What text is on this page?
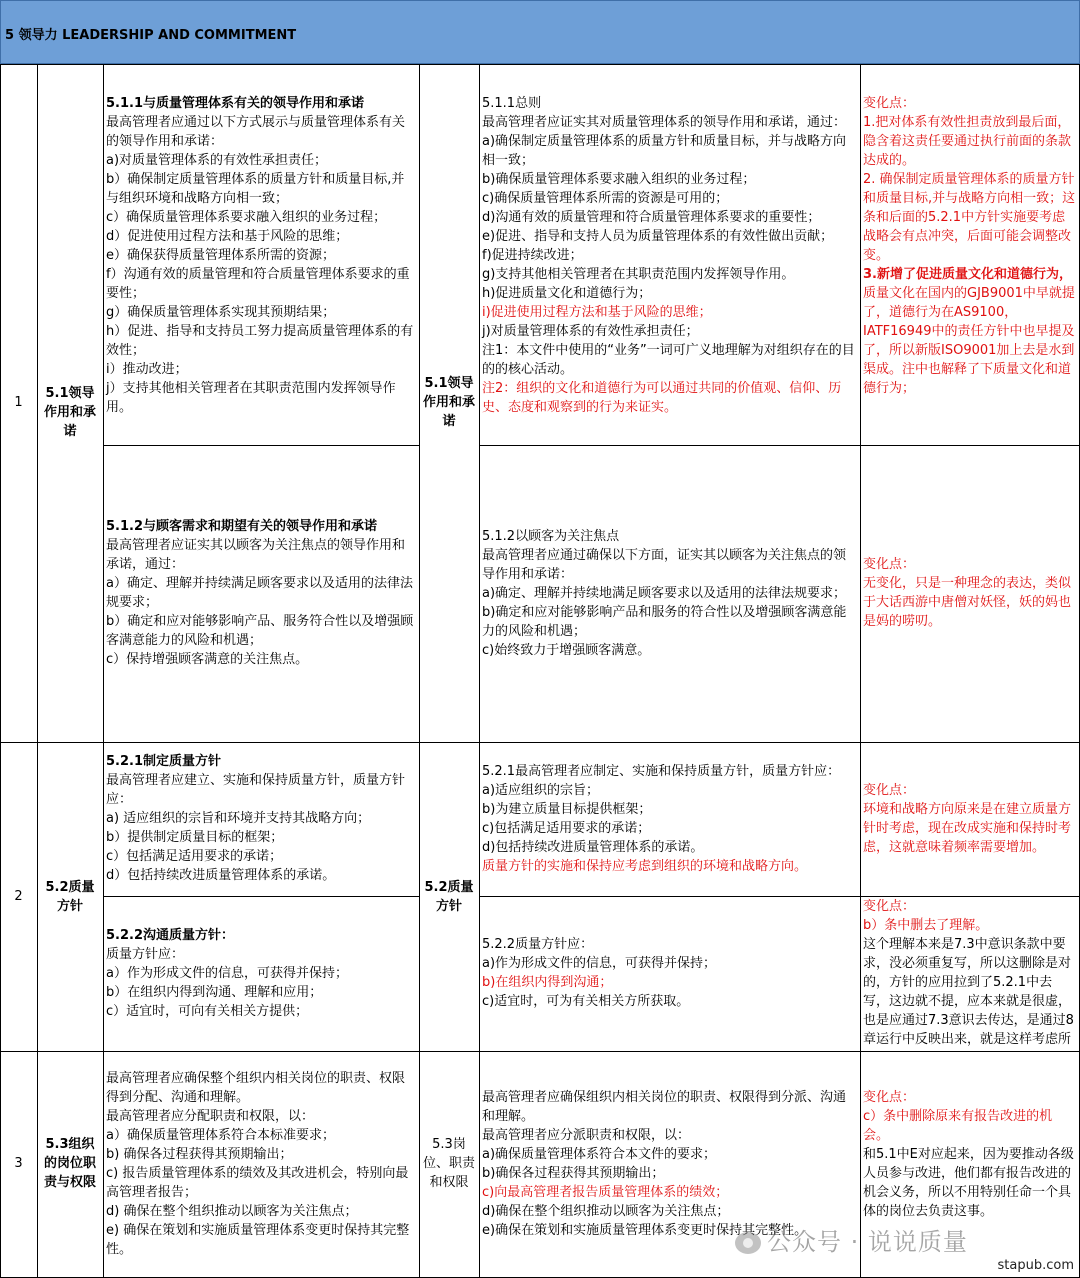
5 领导力 LEADERSHIP AND COMMITMENT
1
5.1领导作用和承诺
5.1领导作用和承诺
5.1.1与质量管理体系有关的领导作用和承诺
最高管理者应通过以下方式展示与质量管理体系有关的领导作用和承诺：
a)对质量管理体系的有效性承担责任；
b）确保制定质量管理体系的质量方针和质量目标,并与组织环境和战略方向相一致；
c）确保质量管理体系要求融入组织的业务过程；
d）促进使用过程方法和基于风险的思维；
e）确保获得质量管理体系所需的资源；
f）沟通有效的质量管理和符合质量管理体系要求的重要性；
g）确保质量管理体系实现其预期结果；
h）促进、指导和支持员工努力提高质量管理体系的有效性；
i）推动改进；
j）支持其他相关管理者在其职责范围内发挥领导作用。
5.1.2与顾客需求和期望有关的领导作用和承诺
最高管理者应证实其以顾客为关注焦点的领导作用和承诺，通过：
a）确定、理解并持续满足顾客要求以及适用的法律法规要求；
b）确定和应对能够影响产品、服务符合性以及增强顾客满意能力的风险和机遇；
c）保持增强顾客满意的关注焦点。
5.1.1总则
最高管理者应证实其对质量管理体系的领导作用和承诺，通过：
a)确保制定质量管理体系的质量方针和质量目标，并与战略方向相一致；
b)确保质量管理体系要求融入组织的业务过程；
c)确保质量管理体系所需的资源是可用的；
d)沟通有效的质量管理和符合质量管理体系要求的重要性；
e)促进、指导和支持人员为质量管理体系的有效性做出贡献；
f)促进持续改进；
g)支持其他相关管理者在其职责范围内发挥领导作用。
h)促进质量文化和道德行为；
i)促进使用过程方法和基于风险的思维；
j)对质量管理体系的有效性承担责任；
注1：本文件中使用的“业务”一词可广义地理解为对组织存在的目的的核心活动。
注2：组织的文化和道德行为可以通过共同的价值观、信仰、历史、态度和观察到的行为来证实。
5.1.2以顾客为关注焦点
最高管理者应通过确保以下方面，证实其以顾客为关注焦点的领导作用和承诺：
a)确定、理解并持续地满足顾客要求以及适用的法律法规要求；
b)确定和应对能够影响产品和服务的符合性以及增强顾客满意能力的风险和机遇；
c)始终致力于增强顾客满意。
变化点：
1.把对体系有效性担责放到最后面，隐含着这责任要通过执行前面的条款达成的。
2. 确保制定质量管理体系的质量方针和质量目标,并与战略方向相一致；这条和后面的5.2.1中方针实施要考虑战略会有点冲突，后面可能会调整改变。
3.新增了促进质量文化和道德行为，
质量文化在国内的GJB9001中早就提了，道德行为在AS9100，IATF16949中的责任方针中也早提及了，所以新版ISO9001加上去是水到渠成。注中也解释了下质量文化和道德行为；
变化点：
无变化，只是一种理念的表达，类似于大话西游中唐僧对妖怪，妖的妈也是妈的唠叨。
2
5.2质量方针
5.2质量方针
5.2.1制定质量方针
最高管理者应建立、实施和保持质量方针，质量方针应：
a) 适应组织的宗旨和环境并支持其战略方向；
b）提供制定质量目标的框架；
c）包括满足适用要求的承诺；
d）包括持续改进质量管理体系的承诺。
5.2.2沟通质量方针：
质量方针应：
a）作为形成文件的信息，可获得并保持；
b）在组织内得到沟通、理解和应用；
c）适宜时，可向有关相关方提供；
5.2.1最高管理者应制定、实施和保持质量方针，质量方针应：
a)适应组织的宗旨；
b)为建立质量目标提供框架；
c)包括满足适用要求的承诺；
d)包括持续改进质量管理体系的承诺。
质量方针的实施和保持应考虑到组织的环境和战略方向。
5.2.2质量方针应：
a)作为形成文件的信息，可获得并保持；
b)在组织内得到沟通；
c)适宜时，可为有关相关方所获取。
变化点：
环境和战略方向原来是在建立质量方针时考虑，现在改成实施和保持时考虑，这就意味着频率需要增加。
变化点：
b）条中删去了理解。
这个理解本来是7.3中意识条款中要求，没必须重复写，所以这删除是对的，方针的应用拉到了5.2.1中去写，这边就不提，应本来就是很虚，也是应通过7.3意识去传达，是通过8章运行中反映出来，就是这样考虑所
3
5.3组织的岗位职责与权限
5.3岗位、职责和权限
最高管理者应确保整个组织内相关岗位的职责、权限得到分配、沟通和理解。
最高管理者应分配职责和权限，以：
a）确保质量管理体系符合本标准要求；
b) 确保各过程获得其预期输出；
c) 报告质量管理体系的绩效及其改进机会，特别向最高管理者报告；
d) 确保在整个组织推动以顾客为关注焦点；
e) 确保在策划和实施质量管理体系变更时保持其完整性。
最高管理者应确保组织内相关岗位的职责、权限得到分派、沟通和理解。
最高管理者应分派职责和权限，以：
a)确保质量管理体系符合本文件的要求；
b)确保各过程获得其预期输出；
c)向最高管理者报告质量管理体系的绩效；
d)确保在整个组织推动以顾客为关注焦点；
e)确保在策划和实施质量管理体系变更时保持其完整性。
变化点：
c）条中删除原来有报告改进的机会。
和5.1中E对应起来，因为要推动各级人员参与改进，他们都有报告改进的机会义务，所以不用特别任命一个具体的岗位去负责这事。
公众号 · 说说质量
stapub.com
